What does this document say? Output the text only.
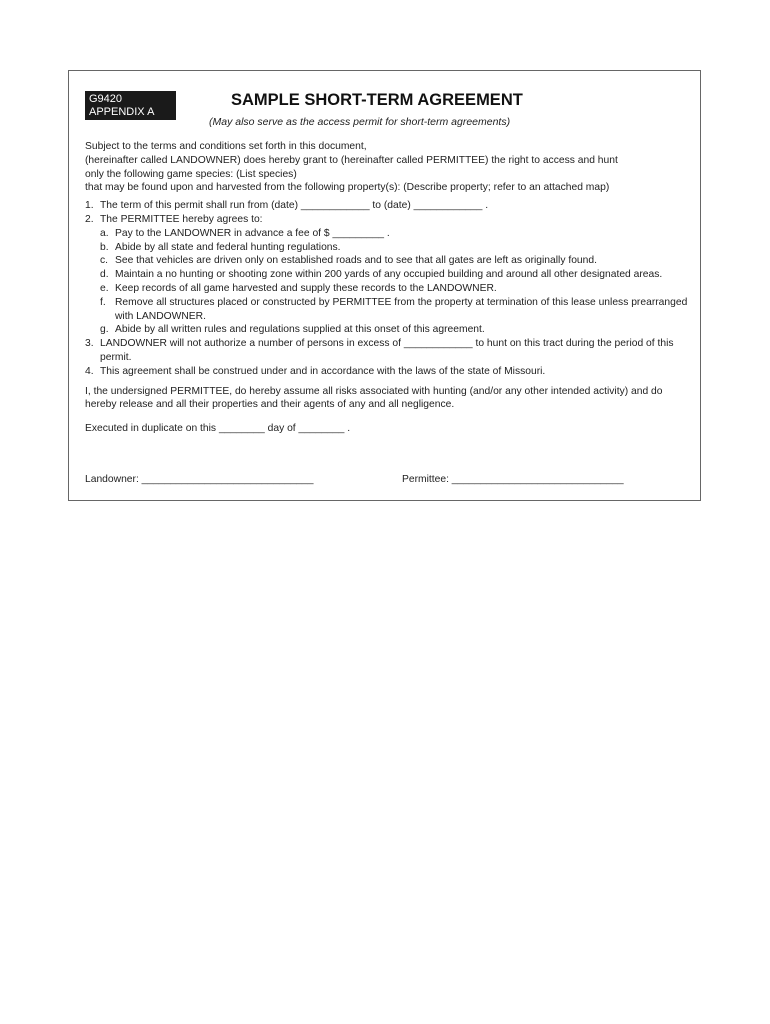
G9420
APPENDIX A
SAMPLE SHORT-TERM AGREEMENT
(May also serve as the access permit for short-term agreements)

Subject to the terms and conditions set forth in this document,

(hereinafter called LANDOWNER) does hereby grant to (hereinafter called PERMITTEE) the right to access and hunt

only the following game species: (List species)

that may be found upon and harvested from the following property(s): (Describe property; refer to an attached map)

1. The term of this permit shall run from (date) ____________ to (date) ____________ .
2. The PERMITTEE hereby agrees to:
a. Pay to the LANDOWNER in advance a fee of $ _________ .
b. Abide by all state and federal hunting regulations.
c. See that vehicles are driven only on established roads and to see that all gates are left as originally found.
d. Maintain a no hunting or shooting zone within 200 yards of any occupied building and around all other designated areas.
e. Keep records of all game harvested and supply these records to the LANDOWNER.
f. Remove all structures placed or constructed by PERMITTEE from the property at termination of this lease unless prearranged with LANDOWNER.
g. Abide by all written rules and regulations supplied at this onset of this agreement.
3. LANDOWNER will not authorize a number of persons in excess of ____________ to hunt on this tract during the period of this permit.
4. This agreement shall be construed under and in accordance with the laws of the state of Missouri.

I, the undersigned PERMITTEE, do hereby assume all risks associated with hunting (and/or any other intended activity) and do hereby release and all their properties and their agents of any and all negligence.

Executed in duplicate on this ________ day of ________ .

Landowner: ______________________________	Permittee: ______________________________
